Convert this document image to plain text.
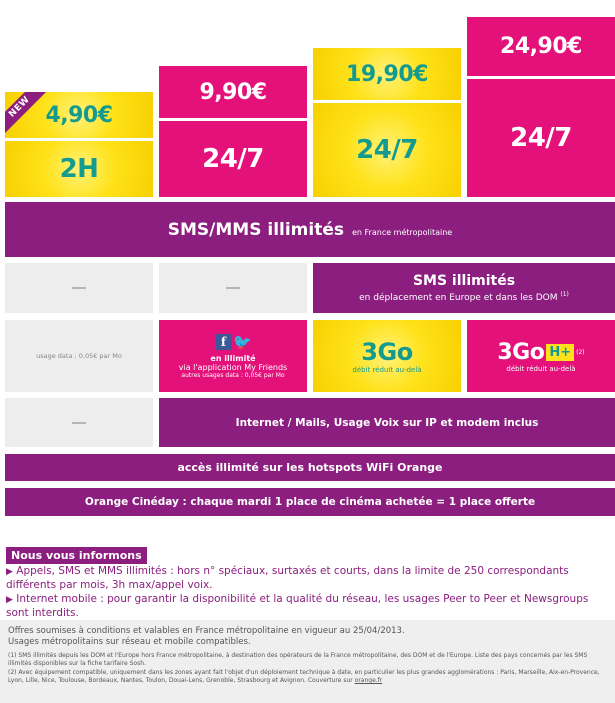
NEW 4,90€
2H
9,90€
24/7
19,90€
24/7
24,90€
24/7
SMS/MMS illimités en France métropolitaine
SMS illimités
en déplacement en Europe et dans les DOM $^{(1)}$
usage data : 0,05€ par Mo
f 🐦
en illimité
via l'application My Friends
autres usages data : 0,05€ par Mo
3Go
débit réduit au-delà
3Go H+ (2)
débit réduit au-delà
Internet / Mails, Usage Voix sur IP et modem inclus
accès illimité sur les hotspots WiFi Orange
Orange Cinéday : chaque mardi 1 place de cinéma achetée = 1 place offerte
Nous vous informons

▶ Appels, SMS et MMS illimités : hors n° spéciaux, surtaxés et courts, dans la limite de 250 correspondants différents par mois, 3h max/appel voix.

▶ Internet mobile : pour garantir la disponibilité et la qualité du réseau, les usages Peer to Peer et Newsgroups sont interdits.

Offres soumises à conditions et valables en France métropolitaine en vigueur au 25/04/2013.
Usages métropolitains sur réseau et mobile compatibles.
(1) SMS illimités depuis les DOM et l'Europe hors France métropolitaine, à destination des opérateurs de la France métropolitaine, des DOM et de l'Europe. Liste des pays concernés par les SMS illimités disponibles sur la fiche tarifaire Sosh.
(2) Avec équipement compatible, uniquement dans les zones ayant fait l'objet d'un déploiement technique à date, en particulier les plus grandes agglomérations : Paris, Marseille, Aix-en-Provence, Lyon, Lille, Nice, Toulouse, Bordeaux, Nantes, Toulon, Douai-Lens, Grenoble, Strasbourg et Avignon. Couverture sur orange.fr
